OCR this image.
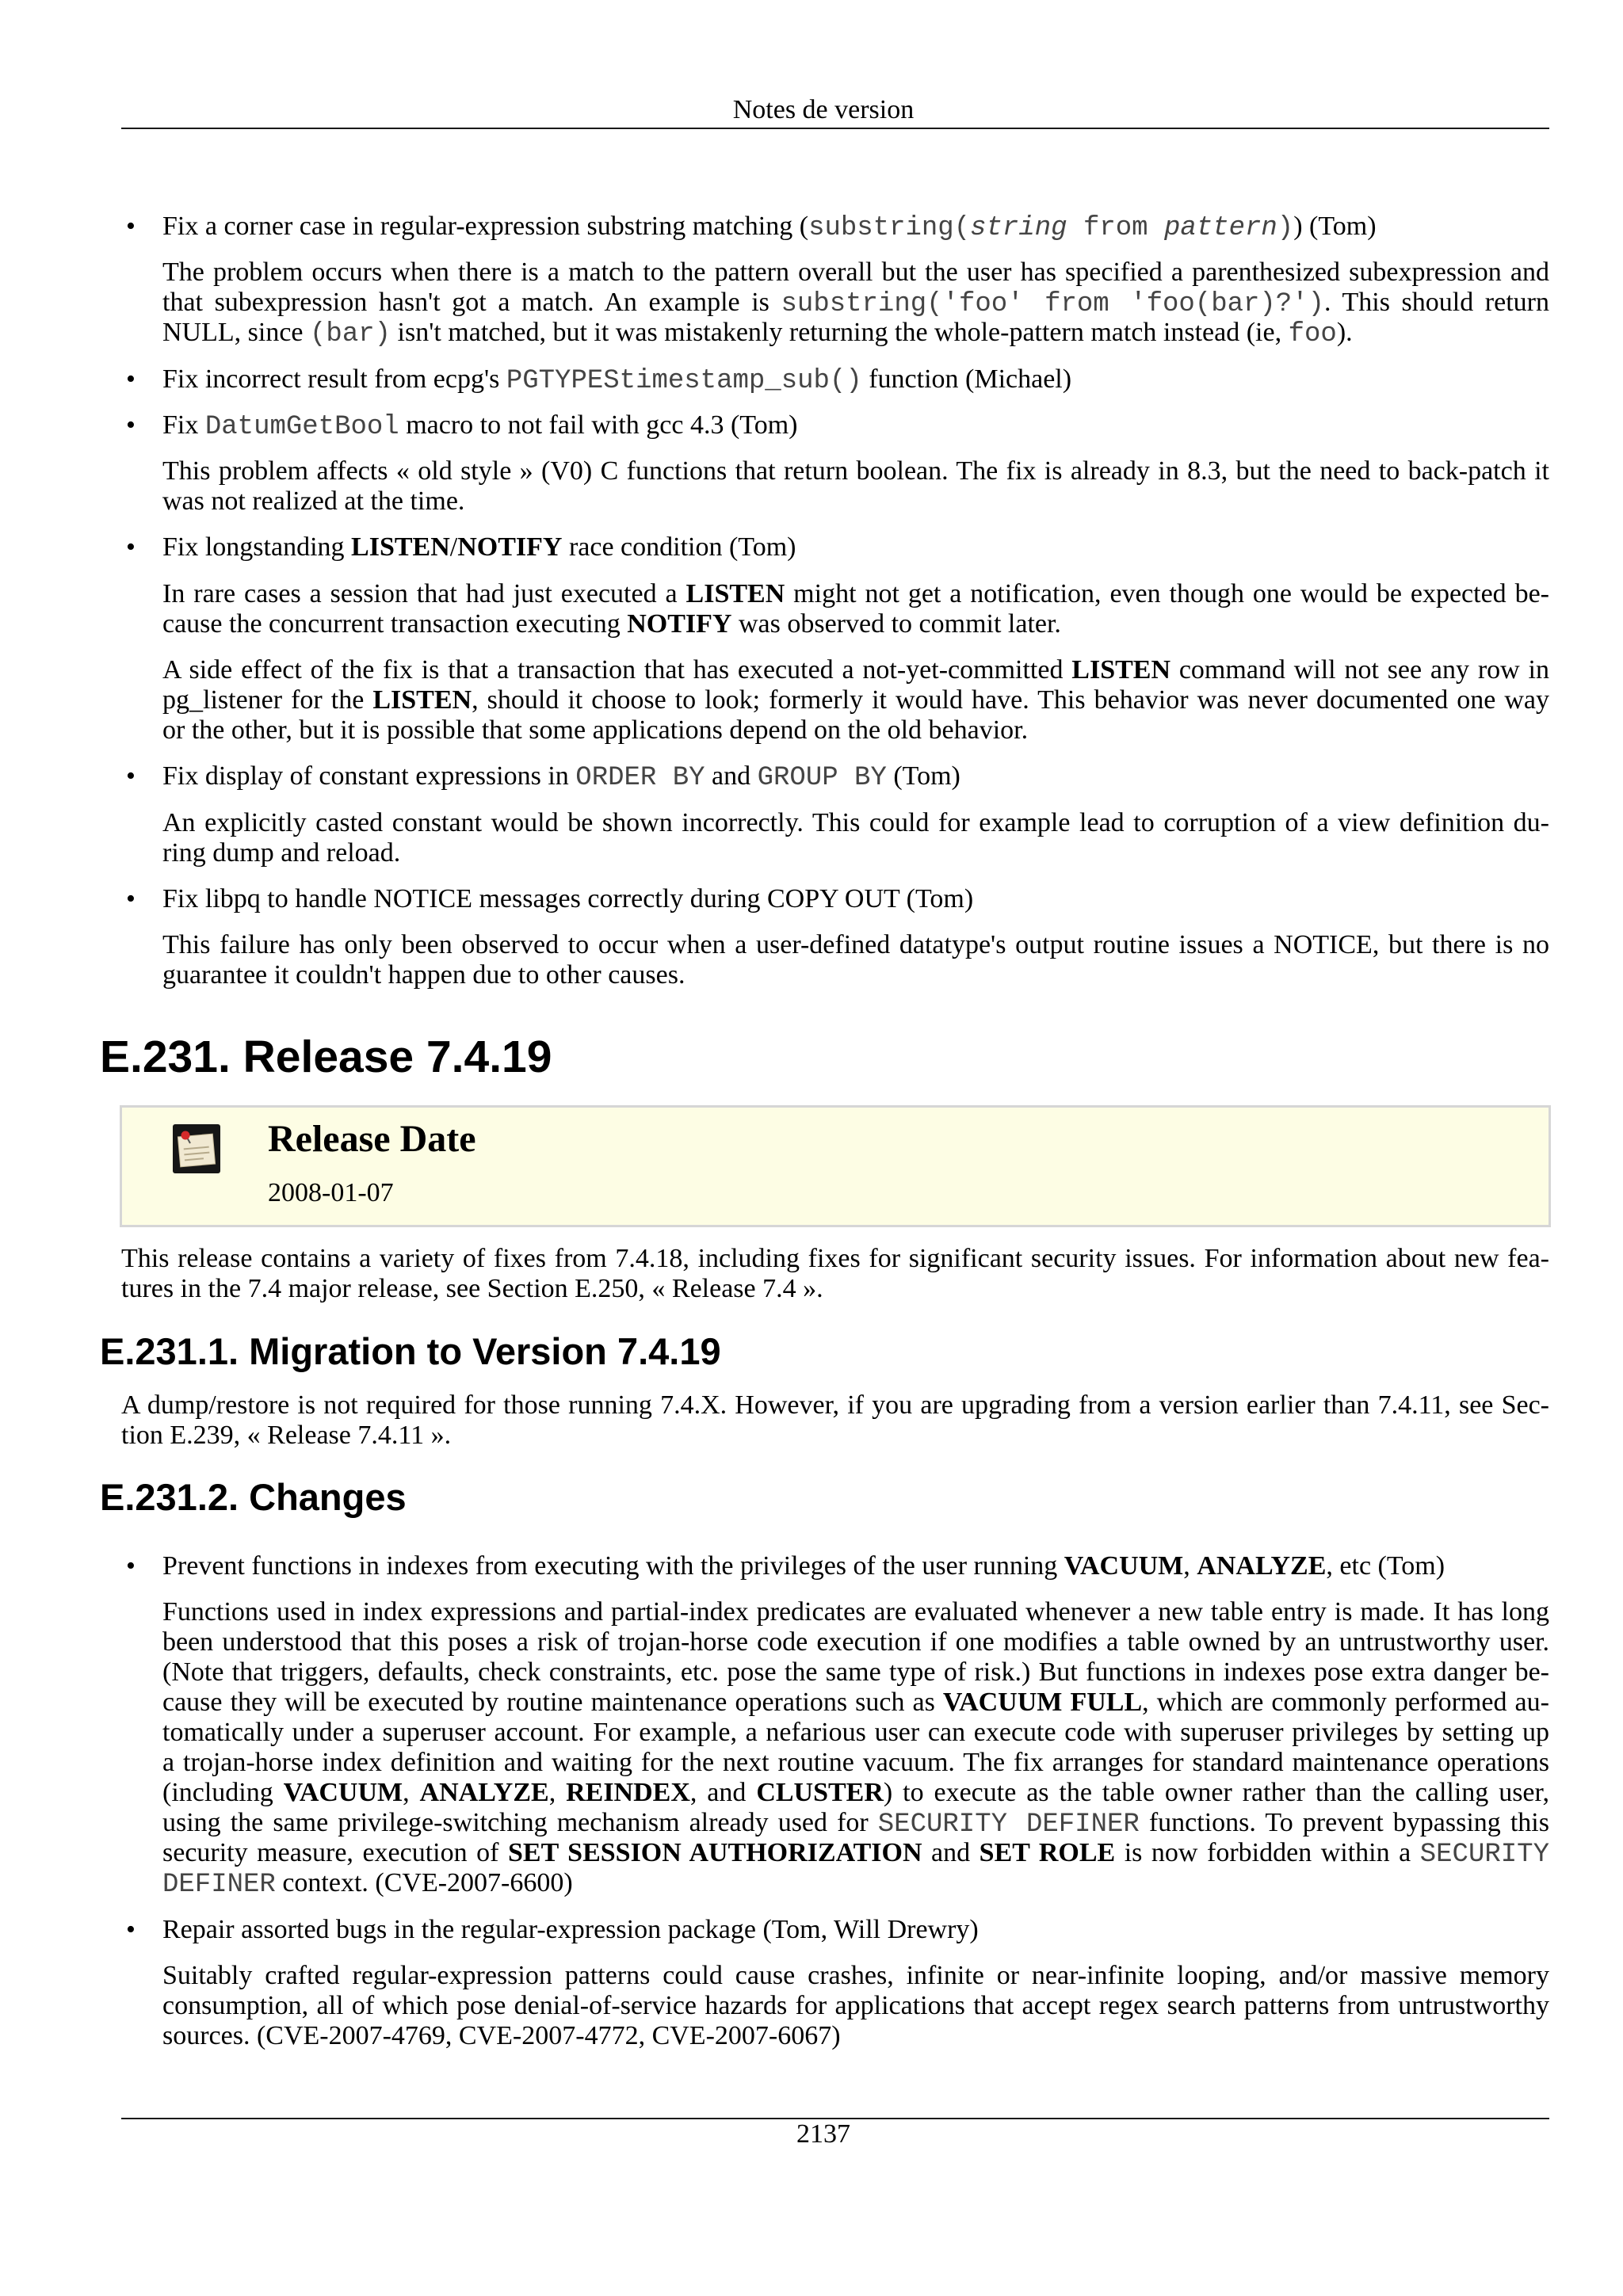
Notes de version
• Fix a corner case in regular-expression substring matching (substring(string from pattern)) (Tom)
The problem occurs when there is a match to the pattern overall but the user has specified a parenthesized subexpression and
that subexpression hasn't got a match. An example is substring('foo' from 'foo(bar)?'). This should return
NULL, since (bar) isn't matched, but it was mistakenly returning the whole-pattern match instead (ie, foo).
• Fix incorrect result from ecpg's PGTYPEStimestamp_sub() function (Michael)
• Fix DatumGetBool macro to not fail with gcc 4.3 (Tom)
This problem affects « old style » (V0) C functions that return boolean. The fix is already in 8.3, but the need to back-patch it
was not realized at the time.
• Fix longstanding LISTEN/NOTIFY race condition (Tom)
In rare cases a session that had just executed a LISTEN might not get a notification, even though one would be expected be-
cause the concurrent transaction executing NOTIFY was observed to commit later.
A side effect of the fix is that a transaction that has executed a not-yet-committed LISTEN command will not see any row in
pg_listener for the LISTEN, should it choose to look; formerly it would have. This behavior was never documented one way
or the other, but it is possible that some applications depend on the old behavior.
• Fix display of constant expressions in ORDER BY and GROUP BY (Tom)
An explicitly casted constant would be shown incorrectly. This could for example lead to corruption of a view definition du-
ring dump and reload.
• Fix libpq to handle NOTICE messages correctly during COPY OUT (Tom)
This failure has only been observed to occur when a user-defined datatype's output routine issues a NOTICE, but there is no
guarantee it couldn't happen due to other causes.
E.231. Release 7.4.19
Release Date
2008-01-07
This release contains a variety of fixes from 7.4.18, including fixes for significant security issues. For information about new fea-
tures in the 7.4 major release, see Section E.250, « Release 7.4 ».
E.231.1. Migration to Version 7.4.19
A dump/restore is not required for those running 7.4.X. However, if you are upgrading from a version earlier than 7.4.11, see Sec-
tion E.239, « Release 7.4.11 ».
E.231.2. Changes
• Prevent functions in indexes from executing with the privileges of the user running VACUUM, ANALYZE, etc (Tom)
Functions used in index expressions and partial-index predicates are evaluated whenever a new table entry is made. It has long
been understood that this poses a risk of trojan-horse code execution if one modifies a table owned by an untrustworthy user.
(Note that triggers, defaults, check constraints, etc. pose the same type of risk.) But functions in indexes pose extra danger be-
cause they will be executed by routine maintenance operations such as VACUUM FULL, which are commonly performed au-
tomatically under a superuser account. For example, a nefarious user can execute code with superuser privileges by setting up
a trojan-horse index definition and waiting for the next routine vacuum. The fix arranges for standard maintenance operations
(including VACUUM, ANALYZE, REINDEX, and CLUSTER) to execute as the table owner rather than the calling user,
using the same privilege-switching mechanism already used for SECURITY DEFINER functions. To prevent bypassing this
security measure, execution of SET SESSION AUTHORIZATION and SET ROLE is now forbidden within a SECURITY
DEFINER context. (CVE-2007-6600)
• Repair assorted bugs in the regular-expression package (Tom, Will Drewry)
Suitably crafted regular-expression patterns could cause crashes, infinite or near-infinite looping, and/or massive memory
consumption, all of which pose denial-of-service hazards for applications that accept regex search patterns from untrustworthy
sources. (CVE-2007-4769, CVE-2007-4772, CVE-2007-6067)
2137
